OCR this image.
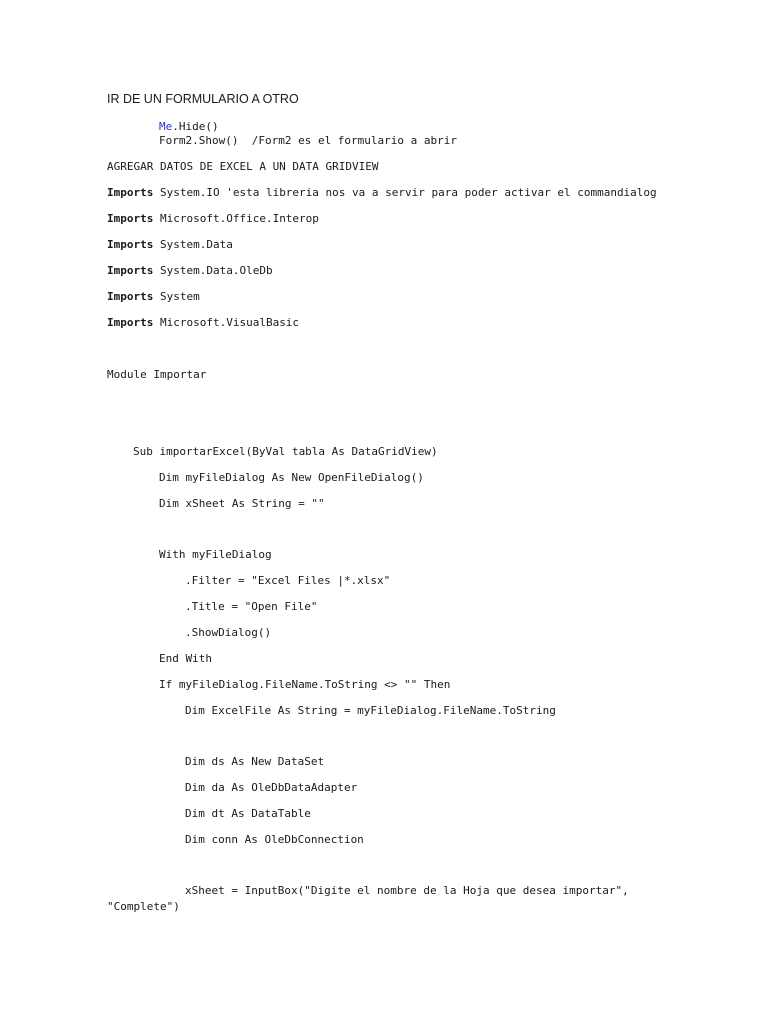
IR DE UN FORMULARIO A OTRO
Me.Hide()
Form2.Show()  /Form2 es el formulario a abrir
AGREGAR DATOS DE EXCEL A UN DATA GRIDVIEW
Imports System.IO 'esta libreria nos va a servir para poder activar el commandialog
Imports Microsoft.Office.Interop
Imports System.Data
Imports System.Data.OleDb
Imports System
Imports Microsoft.VisualBasic
Module Importar
Sub importarExcel(ByVal tabla As DataGridView)
Dim myFileDialog As New OpenFileDialog()
Dim xSheet As String = ""
With myFileDialog
.Filter = "Excel Files |*.xlsx"
.Title = "Open File"
.ShowDialog()
End With
If myFileDialog.FileName.ToString <> "" Then
Dim ExcelFile As String = myFileDialog.FileName.ToString
Dim ds As New DataSet
Dim da As OleDbDataAdapter
Dim dt As DataTable
Dim conn As OleDbConnection
xSheet = InputBox("Digite el nombre de la Hoja que desea importar",
"Complete")
